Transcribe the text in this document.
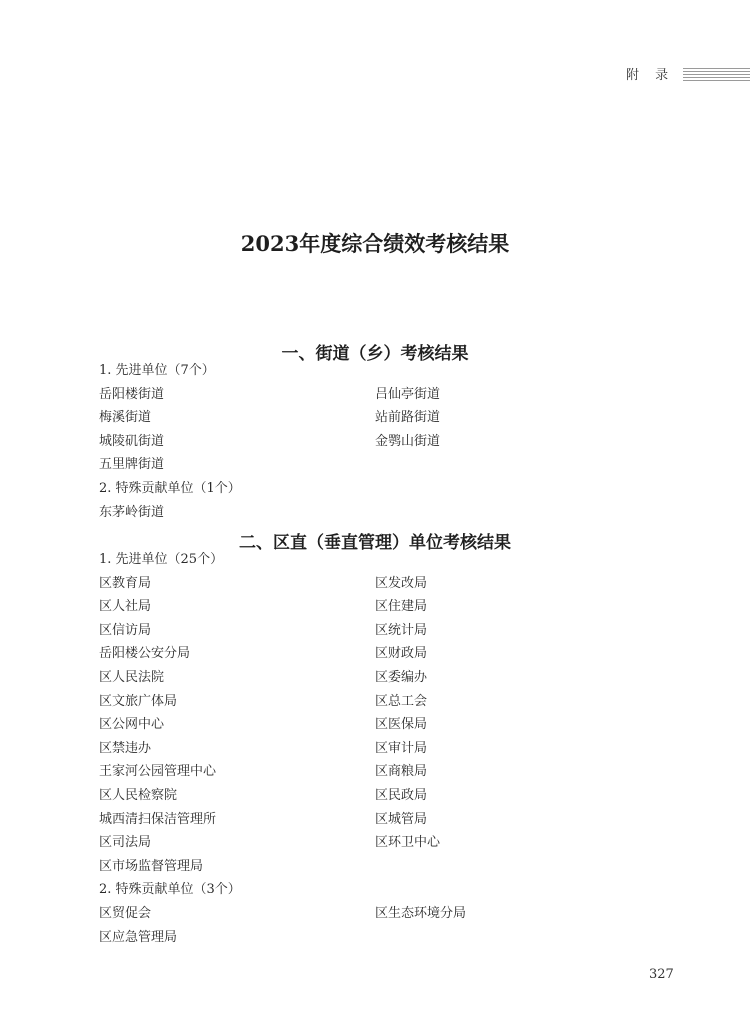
附 录
2023年度综合绩效考核结果
一、街道（乡）考核结果
1. 先进单位（7个）
岳阳楼街道
梅溪街道
城陵矶街道
五里牌街道
吕仙亭街道
站前路街道
金鹗山街道
2. 特殊贡献单位（1个）
东茅岭街道
二、区直（垂直管理）单位考核结果
1. 先进单位（25个）
区教育局
区人社局
区信访局
岳阳楼公安分局
区人民法院
区文旅广体局
区公网中心
区禁违办
王家河公园管理中心
区人民检察院
城西清扫保洁管理所
区司法局
区市场监督管理局
区发改局
区住建局
区统计局
区财政局
区委编办
区总工会
区医保局
区审计局
区商粮局
区民政局
区城管局
区环卫中心
2. 特殊贡献单位（3个）
区贸促会
区应急管理局
区生态环境分局
327
